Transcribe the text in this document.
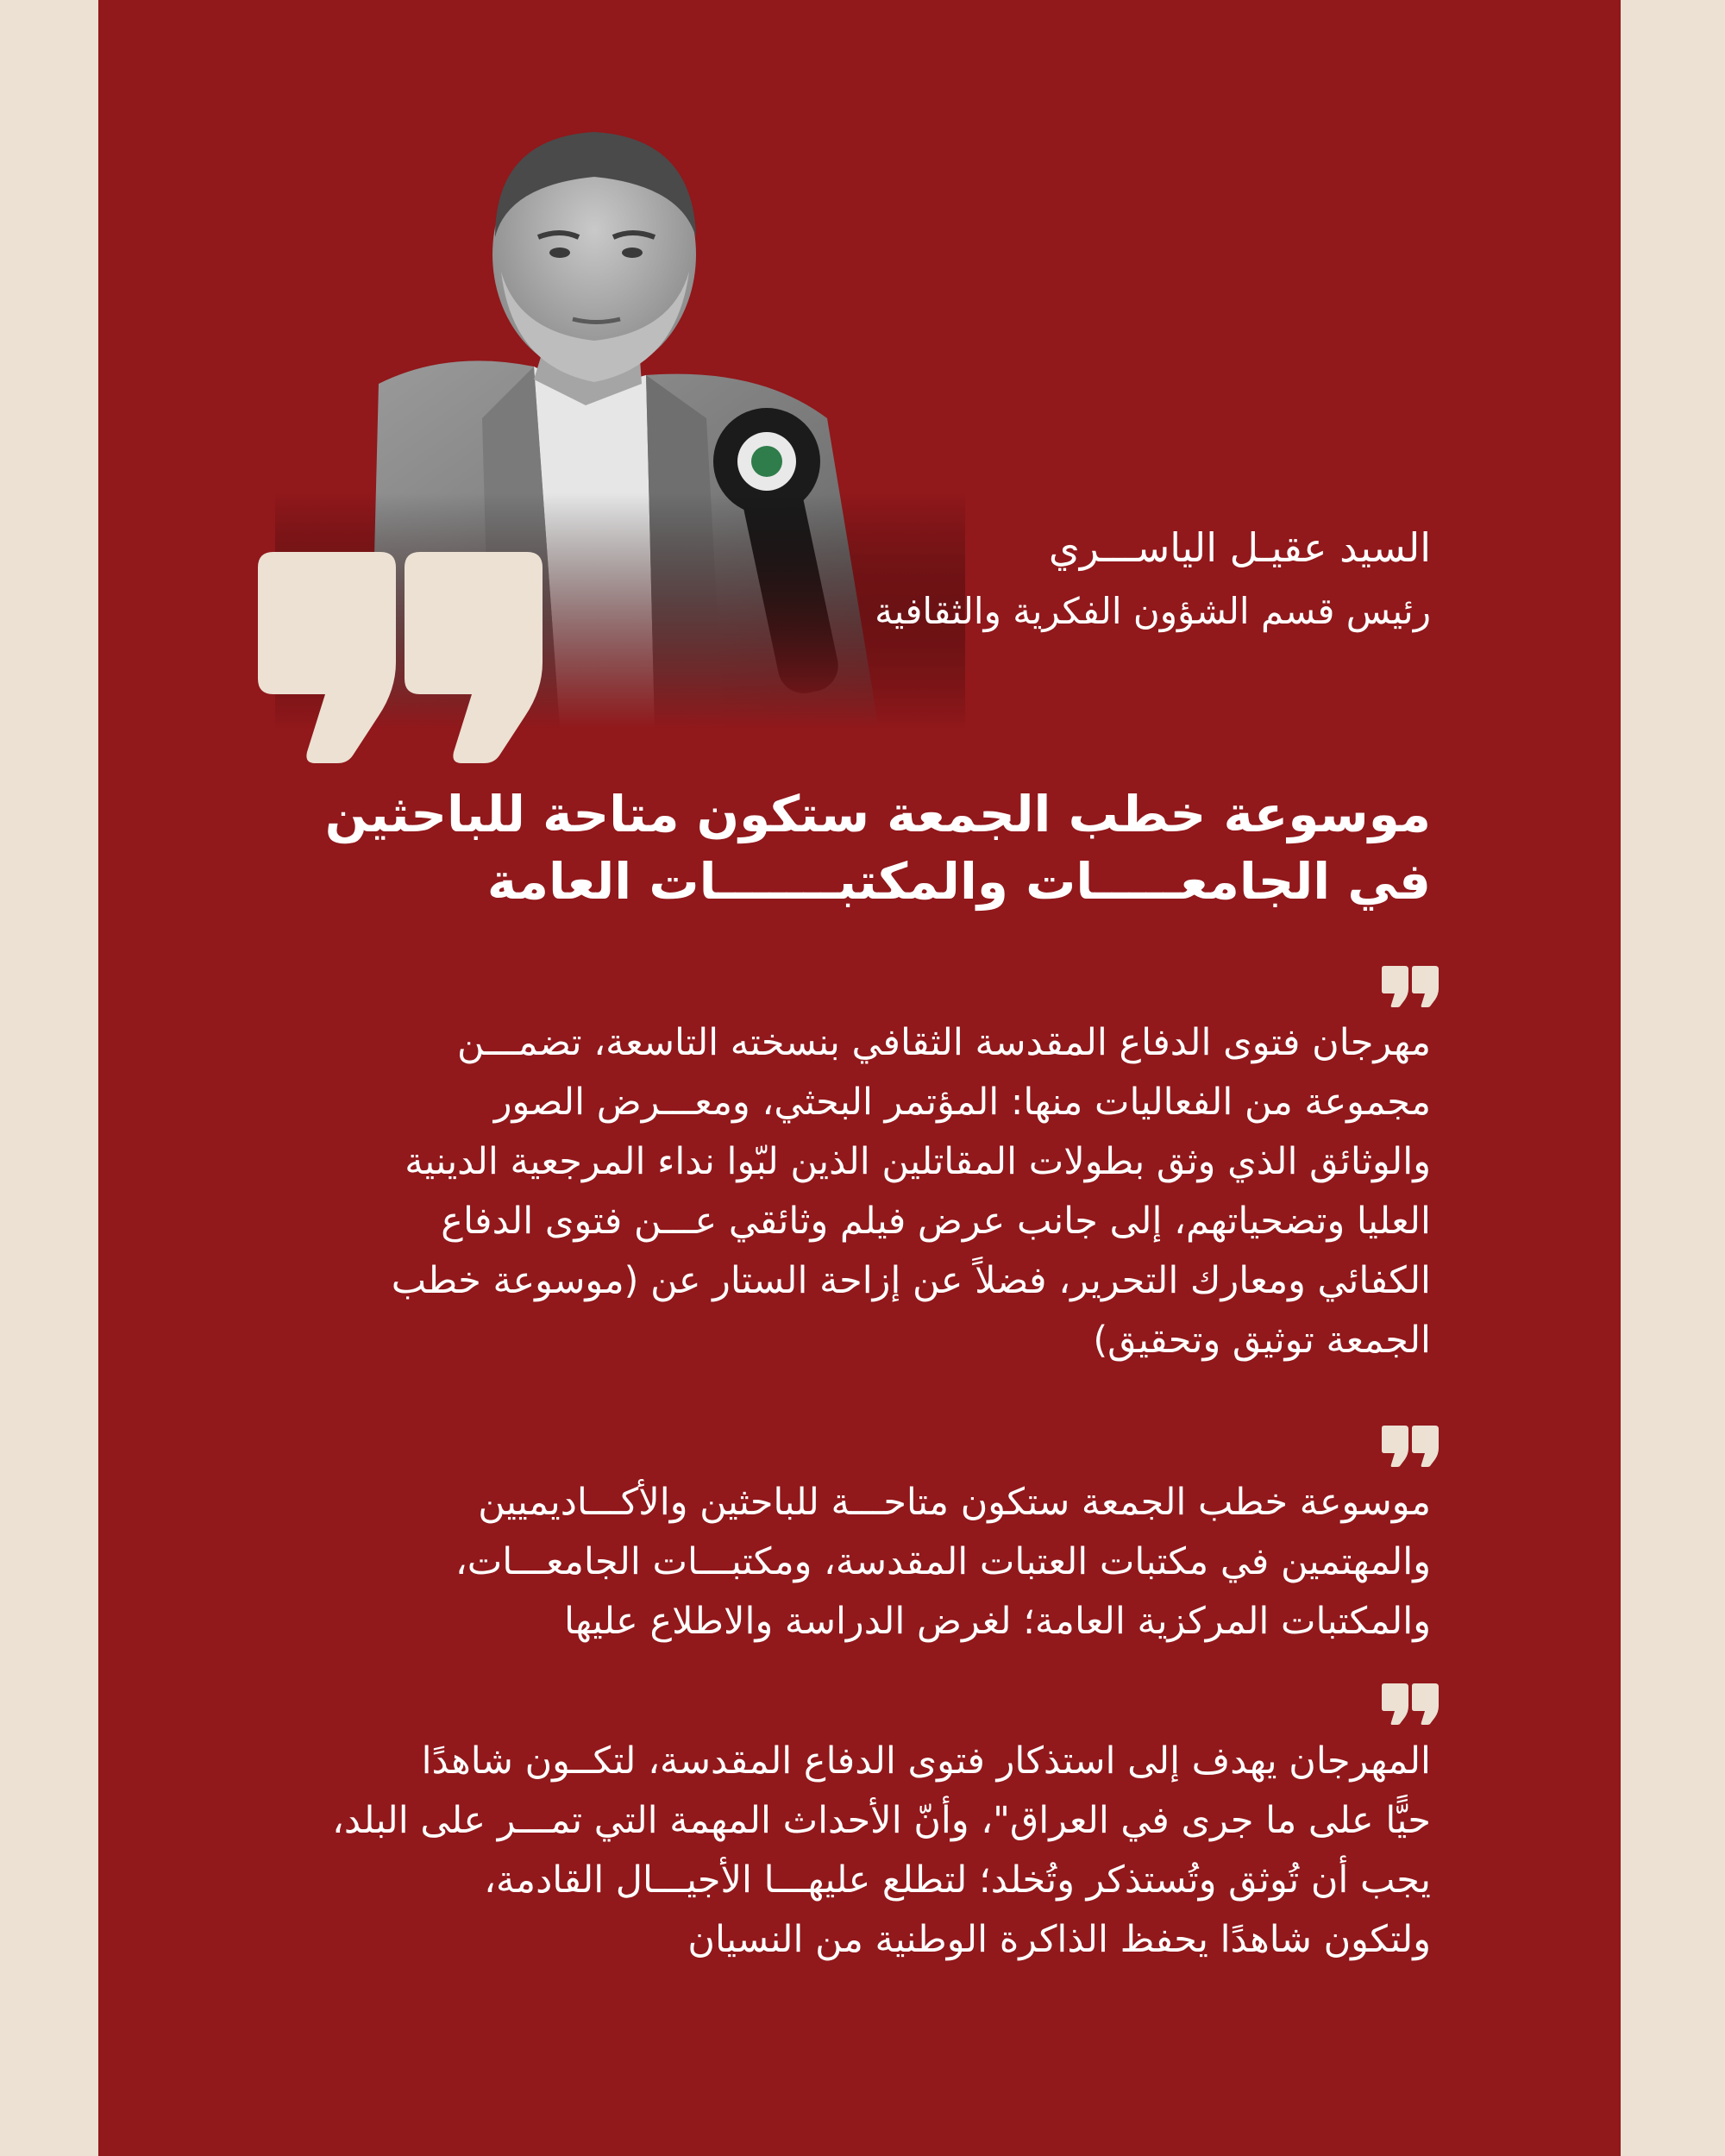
السيد عقيـل الياســـري
رئيس قسم الشؤون الفكرية والثقافية
موسوعة خطب الجمعة ستكون متاحة للباحثين
في الجامعـــــات والمكتبـــــــات العامة
مهرجان فتوى الدفاع المقدسة الثقافي بنسخته التاسعة، تضمـــن
مجموعة من الفعاليات منها: المؤتمر البحثي، ومعـــرض الصور
والوثائق الذي وثق بطولات المقاتلين الذين لبّوا نداء المرجعية الدينية
العليا وتضحياتهم، إلى جانب عرض فيلم وثائقي عـــن فتوى الدفاع
الكفائي ومعارك التحرير، فضلاً عن إزاحة الستار عن (موسوعة خطب
الجمعة توثيق وتحقيق)
موسوعة خطب الجمعة ستكون متاحـــة للباحثين والأكـــاديميين
والمهتمين في مكتبات العتبات المقدسة، ومكتبـــات الجامعـــات،
والمكتبات المركزية العامة؛ لغرض الدراسة والاطلاع عليها
المهرجان يهدف إلى استذكار فتوى الدفاع المقدسة، لتكــون شاهدًا
حيًّا على ما جرى في العراق"، وأنّ الأحداث المهمة التي تمـــر على البلد،
يجب أن تُوثق وتُستذكر وتُخلد؛ لتطلع عليهـــا الأجيـــال القادمة،
ولتكون شاهدًا يحفظ الذاكرة الوطنية من النسيان
